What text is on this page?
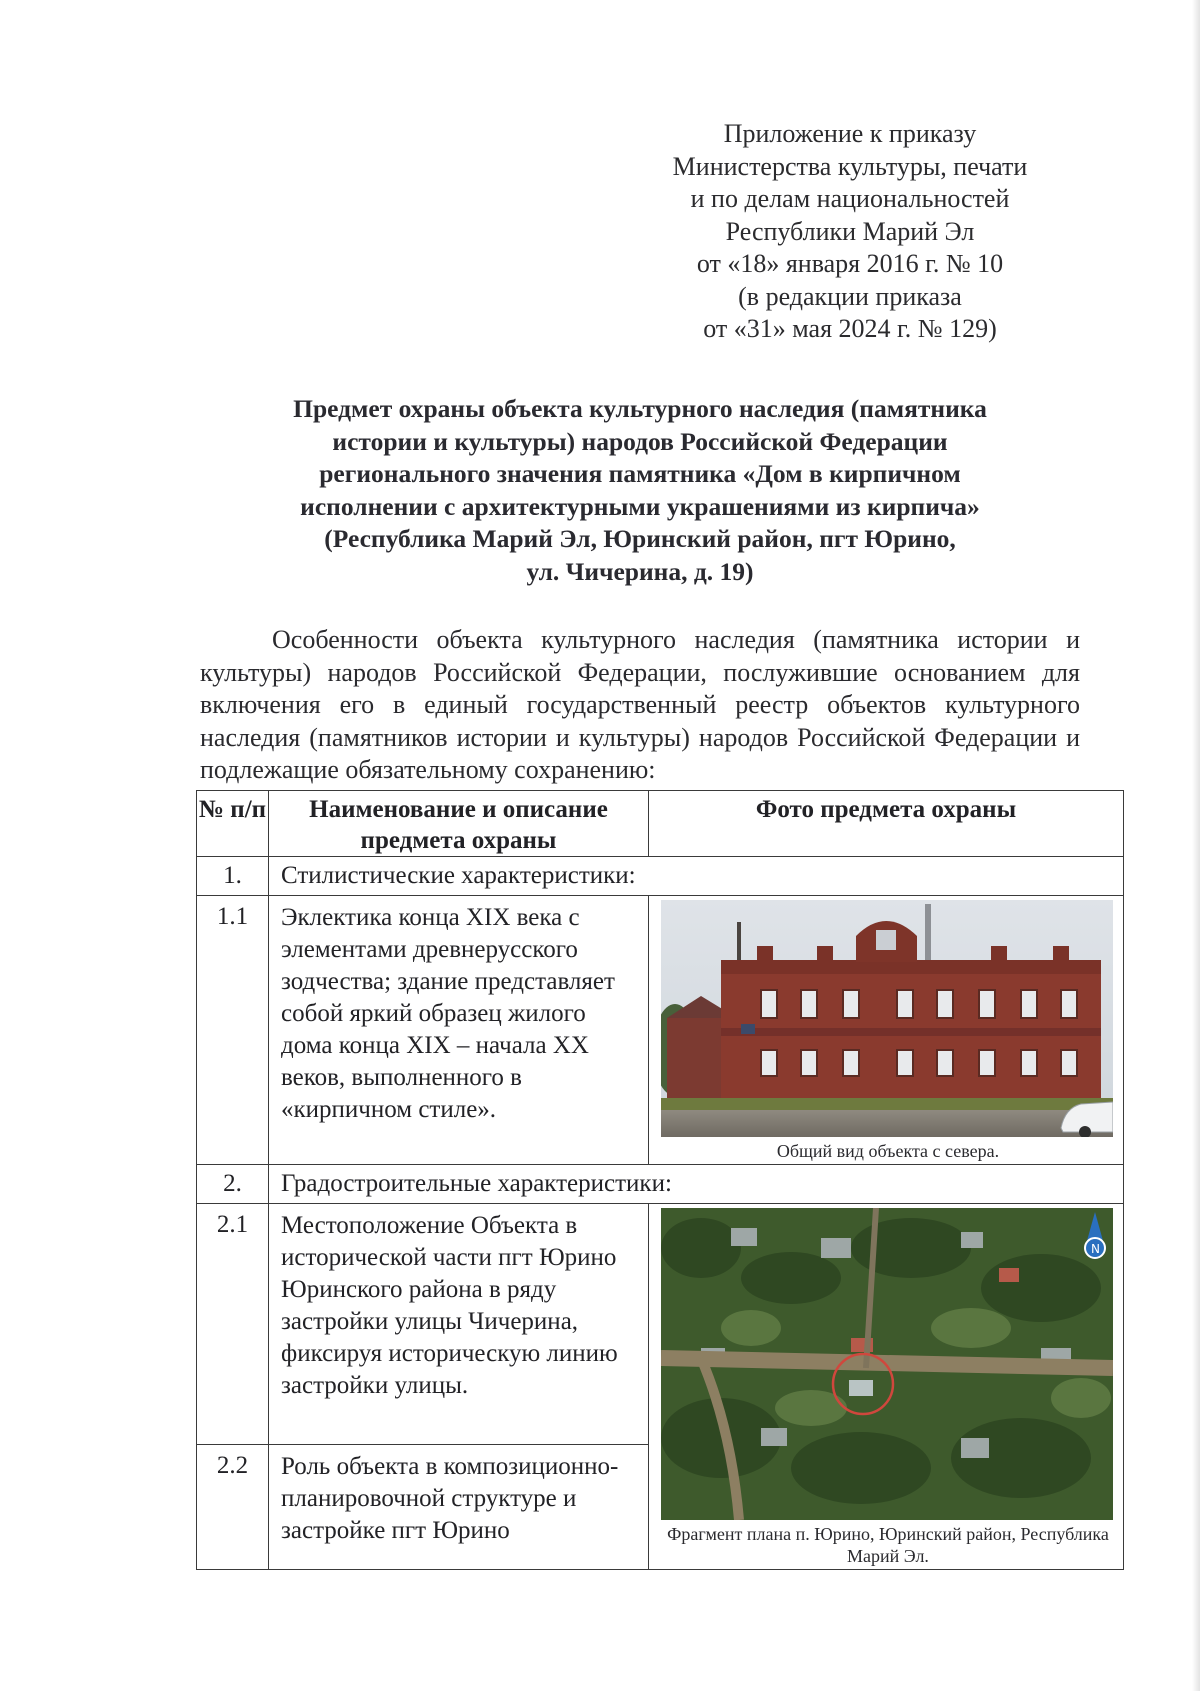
Приложение к приказу
Министерства культуры, печати
и по делам национальностей
Республики Марий Эл
от «18» января 2016 г. № 10
(в редакции приказа
от «31» мая 2024 г. № 129)
Предмет охраны объекта культурного наследия (памятника
истории и культуры) народов Российской Федерации
регионального значения памятника «Дом в кирпичном
исполнении с архитектурными украшениями из кирпича»
(Республика Марий Эл, Юринский район, пгт Юрино,
ул. Чичерина, д. 19)

Особенности объекта культурного наследия (памятника истории и культуры) народов Российской Федерации, послужившие основанием для включения его в единый государственный реестр объектов культурного наследия (памятников истории и культуры) народов Российской Федерации и подлежащие обязательному сохранению:

№ п/п	Наименование и описание предмета охраны	Фото предмета охраны
1.	Стилистические характеристики:	
1.1	Эклектика конца XIX века с элементами древнерусского зодчества; здание представляет собой яркий образец жилого дома конца XIX – начала XX веков, выполненного в «кирпичном стиле».	Общий вид объекта с севера.

2.	Градостроительные характеристики:	
2.1	Местоположение Объекта в исторической части пгт Юрино Юринского района в ряду застройки улицы Чичерина, фиксируя историческую линию застройки улицы.	N
Фрагмент плана п. Юрино, Юринский район, Республика Марий Эл.

2.2	Роль объекта в композиционно-планировочной структуре и застройке пгт Юрино	
